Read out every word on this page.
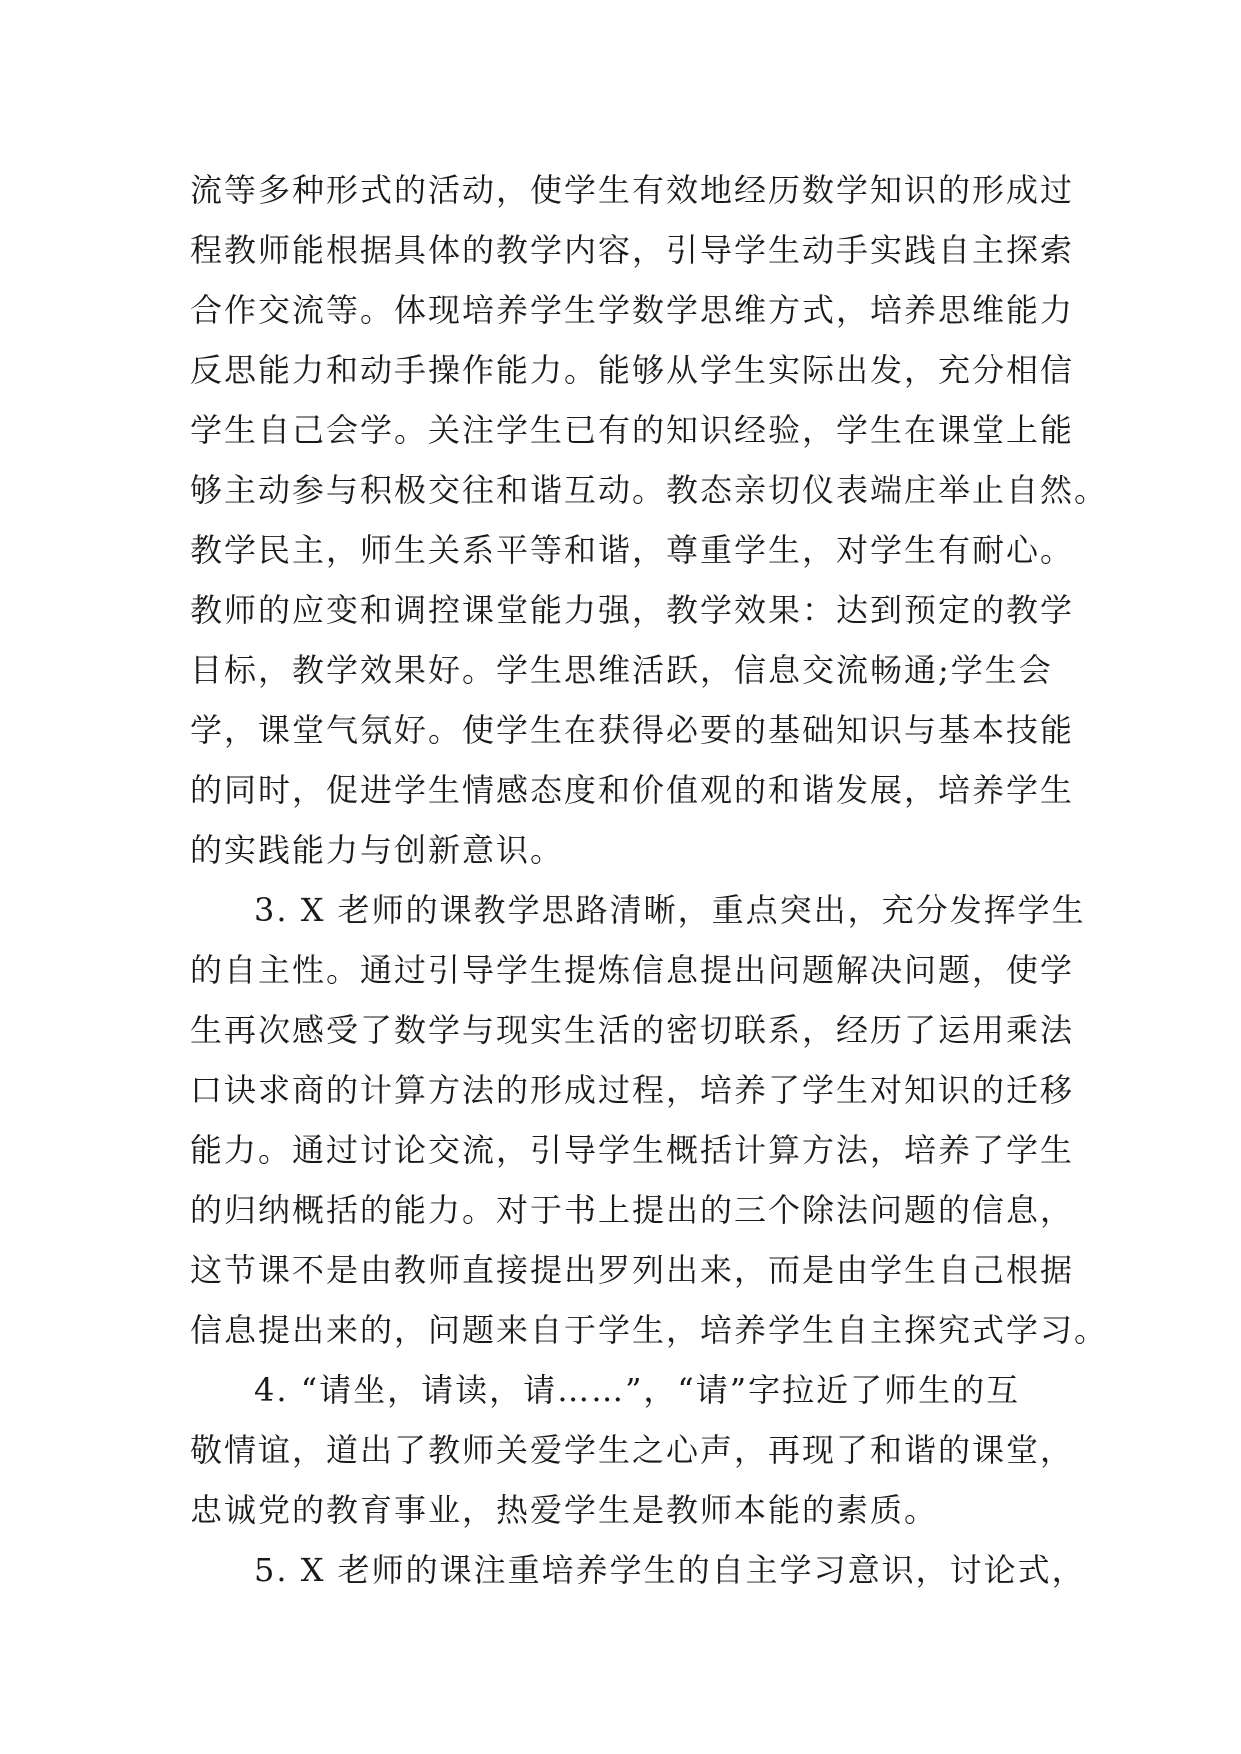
流等多种形式的活动，使学生有效地经历数学知识的形成过
程教师能根据具体的教学内容，引导学生动手实践自主探索
合作交流等。体现培养学生学数学思维方式，培养思维能力
反思能力和动手操作能力。能够从学生实际出发，充分相信
学生自己会学。关注学生已有的知识经验，学生在课堂上能
够主动参与积极交往和谐互动。教态亲切仪表端庄举止自然。
教学民主，师生关系平等和谐，尊重学生，对学生有耐心。
教师的应变和调控课堂能力强，教学效果：达到预定的教学
目标，教学效果好。学生思维活跃，信息交流畅通;学生会
学，课堂气氛好。使学生在获得必要的基础知识与基本技能
的同时，促进学生情感态度和价值观的和谐发展，培养学生
的实践能力与创新意识。
3. X 老师的课教学思路清晰，重点突出，充分发挥学生
的自主性。通过引导学生提炼信息提出问题解决问题，使学
生再次感受了数学与现实生活的密切联系，经历了运用乘法
口诀求商的计算方法的形成过程，培养了学生对知识的迁移
能力。通过讨论交流，引导学生概括计算方法，培养了学生
的归纳概括的能力。对于书上提出的三个除法问题的信息，
这节课不是由教师直接提出罗列出来，而是由学生自己根据
信息提出来的，问题来自于学生，培养学生自主探究式学习。
4. “请坐，请读，请……”，“请”字拉近了师生的互
敬情谊，道出了教师关爱学生之心声，再现了和谐的课堂，
忠诚党的教育事业，热爱学生是教师本能的素质。
5. X 老师的课注重培养学生的自主学习意识，讨论式，
